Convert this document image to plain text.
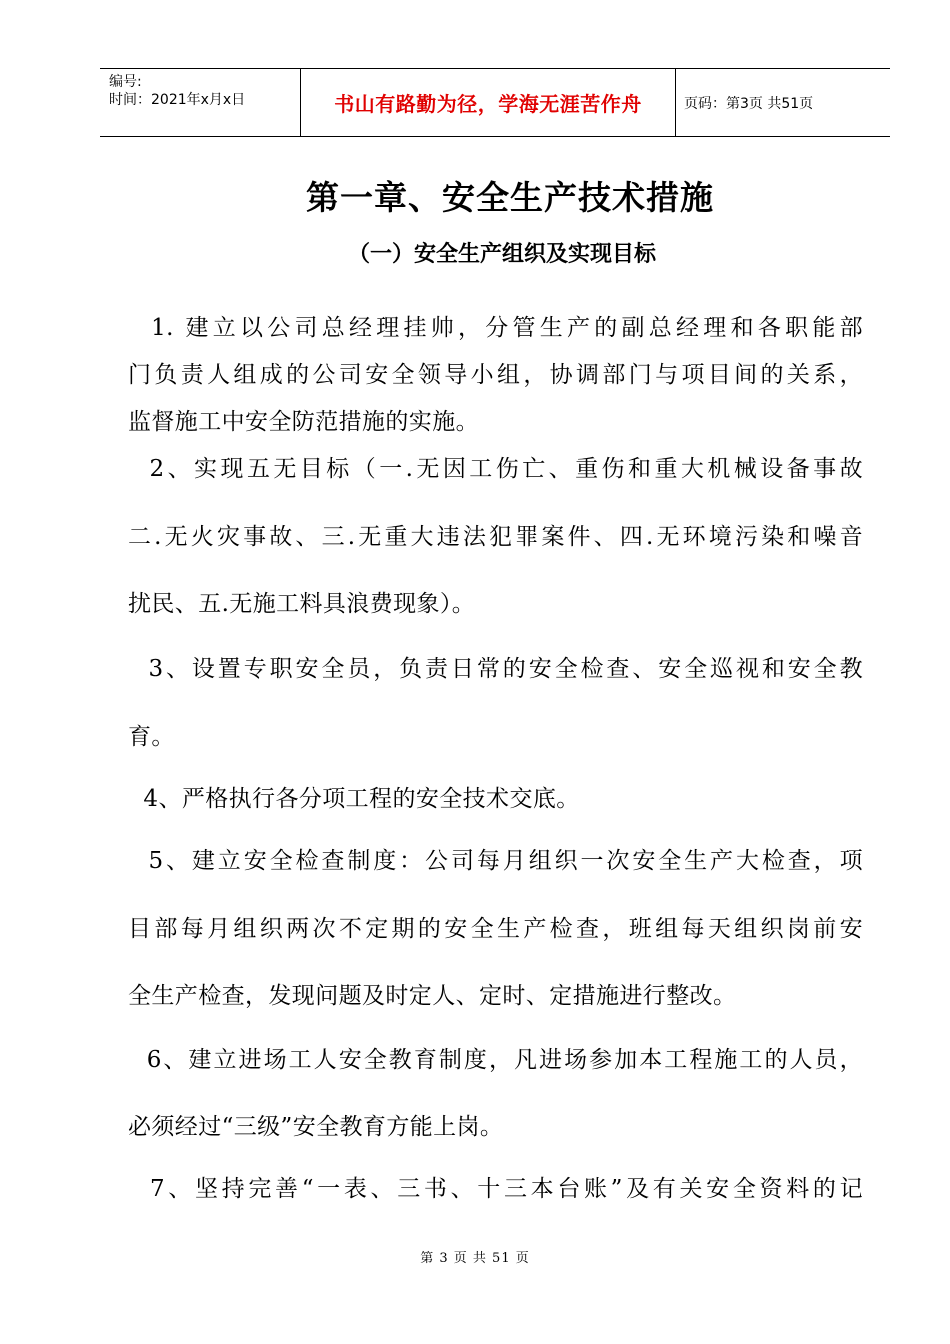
编号:
时间：2021年x月x日	书山有路勤为径，学海无涯苦作舟	页码：第3页 共51页
第一章、安全生产技术措施
（一）安全生产组织及实现目标
1. 建立以公司总经理挂帅，分管生产的副总经理和各职能部
门负责人组成的公司安全领导小组，协调部门与项目间的关系，
监督施工中安全防范措施的实施。
2、实现五无目标（一.无因工伤亡、重伤和重大机械设备事故
二.无火灾事故、三.无重大违法犯罪案件、四.无环境污染和噪音
扰民、五.无施工料具浪费现象）。
3、设置专职安全员，负责日常的安全检查、安全巡视和安全教
育。
4、严格执行各分项工程的安全技术交底。
5、建立安全检查制度：公司每月组织一次安全生产大检查，项
目部每月组织两次不定期的安全生产检查，班组每天组织岗前安
全生产检查，发现问题及时定人、定时、定措施进行整改。
6、建立进场工人安全教育制度，凡进场参加本工程施工的人员，
必须经过“三级”安全教育方能上岗。
7、坚持完善“一表、三书、十三本台账”及有关安全资料的记
第 3 页 共 51 页
